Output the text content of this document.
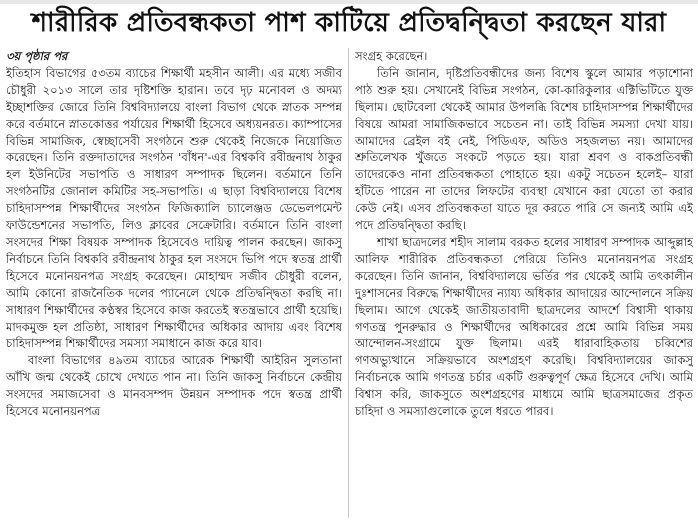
শারীরিক প্রতিবন্ধকতা পাশ কাটিয়ে প্রতিদ্বন্দ্বিতা করছেন যারা

৩য় পৃষ্ঠার পর

ইতিহাস বিভাগের ৫৩তম ব্যাচের শিক্ষার্থী মহসীন আলী। এর মধ্যে সজীব চৌধুরী ২০১৩ সালে তার দৃষ্টিশক্তি হারান। তবে দৃঢ় মনোবল ও অদম্য ইচ্ছাশক্তির জোরে তিনি বিশ্ববিদ্যালয়ে বাংলা বিভাগ থেকে স্নাতক সম্পন্ন করে বর্তমানে স্নাতকোত্তর পর্যায়ের শিক্ষার্থী হিসেবে অধ্যয়নরত। ক্যাম্পাসের বিভিন্ন সামাজিক, স্বেচ্ছাসেবী সংগঠনে শুরু থেকেই নিজেকে নিয়োজিত করেছেন। তিনি রক্তদাতাদের সংগঠন 'বাঁধন'-এর বিশ্বকবি রবীন্দ্রনাথ ঠাকুর হল ইউনিটের সভাপতি ও সাধারণ সম্পাদক ছিলেন। বর্তমানে তিনি সংগঠনটির জোনাল কমিটির সহ-সভাপতি। এ ছাড়া বিশ্ববিদ্যালয়ে বিশেষ চাহিদাসম্পন্ন শিক্ষার্থীদের সংগঠন ফিজিক্যালি চ্যালেঞ্জড ডেভেলপমেন্ট ফাউন্ডেশনের সভাপতি, লিও ক্লাবের সেক্রেটারি। বর্তমানে তিনি বাংলা সংসদের শিক্ষা বিষয়ক সম্পাদক হিসেবেও দায়িত্ব পালন করছেন। জাকসু নির্বাচনে তিনি বিশ্বকবি রবীন্দ্রনাথ ঠাকুর হল সংসদে ভিপি পদে স্বতন্ত্র প্রার্থী হিসেবে মনোনয়নপত্র সংগ্রহ করেছেন। মোহাম্মদ সজীব চৌধুরী বলেন, আমি কোনো রাজনৈতিক দলের প্যানেলে থেকে প্রতিদ্বন্দ্বিতা করছি না। সাধারণ শিক্ষার্থীদের কণ্ঠস্বর হিসেবে কাজ করতেই স্বতন্ত্রভাবে প্রার্থী হয়েছি। মাদকমুক্ত হল প্রতিষ্ঠা, সাধারণ শিক্ষার্থীদের অধিকার আদায় এবং বিশেষ চাহিদাসম্পন্ন শিক্ষার্থীদের সমস্যা সমাধানে কাজ করে যাব।

বাংলা বিভাগের ৪৯তম ব্যাচের আরেক শিক্ষার্থী আইরিন সুলতানা আঁখি জন্ম থেকেই চোখে দেখতে পান না। তিনি জাকসু নির্বাচনে কেন্দ্রীয় সংসদের সমাজসেবা ও মানবসম্পদ উন্নয়ন সম্পাদক পদে স্বতন্ত্র প্রার্থী হিসেবে মনোনয়নপত্র

সংগ্রহ করেছেন।

তিনি জানান, দৃষ্টিপ্রতিবন্ধীদের জন্য বিশেষ স্কুলে আমার পড়াশোনা পাঠ শুরু হয়। সেখানেই বিভিন্ন সংগঠন, কো-কারিকুলার এক্টিভিটিতে যুক্ত ছিলাম। ছোটবেলা থেকেই আমার উপলব্ধি বিশেষ চাহিদাসম্পন্ন শিক্ষার্থীদের বিষয়ে আমরা সামাজিকভাবে সচেতন না। তাই বিভিন্ন সমস্যা দেখা যায়। আমাদের ব্রেইল বই নেই, পিডিএফ, অডিও সহজলভ্য নয়। আমাদের শ্রুতিলেখক খুঁজতে সংকটে পড়তে হয়। যারা শ্রবণ ও বাকপ্রতিবন্ধী তাদেরকেও নানা প্রতিবন্ধকতা পোহাতে হয়। একটু সচেতন হলেই– যারা হাঁটতে পারেন না তাদের লিফটের ব্যবস্থা যেখানে করা যেতো তা করার কেউ নেই। এসব প্রতিবন্ধকতা যাতে দূর করতে পারি সে জন্যই আমি এই পদে প্রতিদ্বন্দ্বিতা করছি।

শাখা ছাত্রদলের শহীদ সালাম বরকত হলের সাধারণ সম্পাদক আব্দুল্লাহ আলিফ শারীরিক প্রতিবন্ধকতা পেরিয়ে তিনিও মনোনয়নপত্র সংগ্রহ করেছেন। তিনি জানান, বিশ্ববিদ্যালয়ে ভর্তির পর থেকেই আমি তৎকালীন দুঃশাসনের বিরুদ্ধে শিক্ষার্থীদের ন্যায্য অধিকার আদায়ের আন্দোলনে সক্রিয় ছিলাম। আগে থেকেই জাতীয়তাবাদী ছাত্রদলের আদর্শে বিশ্বাসী থাকায় গণতন্ত্র পুনরুদ্ধার ও শিক্ষার্থীদের অধিকারের প্রশ্নে আমি বিভিন্ন সময় আন্দোলন-সংগ্রামে যুক্ত ছিলাম। এরই ধারাবাহিকতায় চব্বিশের গণঅভ্যুত্থানে সক্রিয়ভাবে অংশগ্রহণ করেছি। বিশ্ববিদ্যালয়ের জাকসু নির্বাচনকে আমি গণতন্ত্র চর্চার একটি গুরুত্বপূর্ণ ক্ষেত্র হিসেবে দেখি। আমি বিশ্বাস করি, জাকসুতে অংশগ্রহণের মাধ্যমে আমি ছাত্রসমাজের প্রকৃত চাহিদা ও সমস্যাগুলোকে তুলে ধরতে পারব।
